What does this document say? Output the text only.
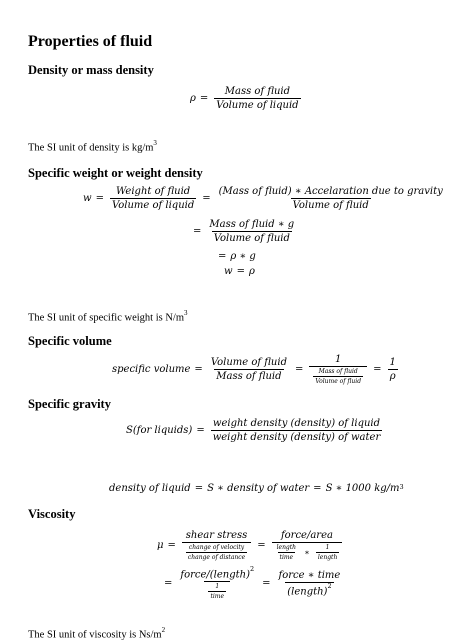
Properties of fluid
Density or mass density
$\rho = \frac{\text{Mass of fluid}}{\text{Volume of liquid}}$
The SI unit of density is $kg/m^3$
Specific weight or weight density
$w = \frac{\text{Weight of fluid}}{\text{Volume of liquid}} = \frac{\text{(Mass of fluid) ∗ Accelaration due to gravity}}{\text{Volume of fluid}}$
= $\frac{\text{Mass of fluid ∗ g}}{\text{Volume of fluid}}$
= ρ ∗ g
w = ρ
The SI unit of specific weight is $N/m^3$
Specific volume
specific volume = $\frac{\text{Volume of fluid}}{\text{Mass of fluid}} = \frac{1}{\frac{\text{Mass of fluid}}{\text{Volume of fluid}}} = \frac{1}{\rho}$
Specific gravity
S(for liquids) = $\frac{\text{weight density (density) of liquid}}{\text{weight density (density) of water}}$
density of liquid = S ∗ density of water = S ∗ 1000 $kg/m^3$
Viscosity
$\mu = \frac{\text{shear stress}}{\frac{\text{change of velocity}}{\text{change of distance}}}$ =
force/area
$\frac{\text{length}}{\text{time}}$ ∗ $\frac{1}{\text{length}}$
= $\frac{force/(length)^2}{\frac{1}{\text{time}}} = \frac{\text{force ∗ time}}{(length)^2}$
The SI unit of viscosity is $Ns/m^2$
